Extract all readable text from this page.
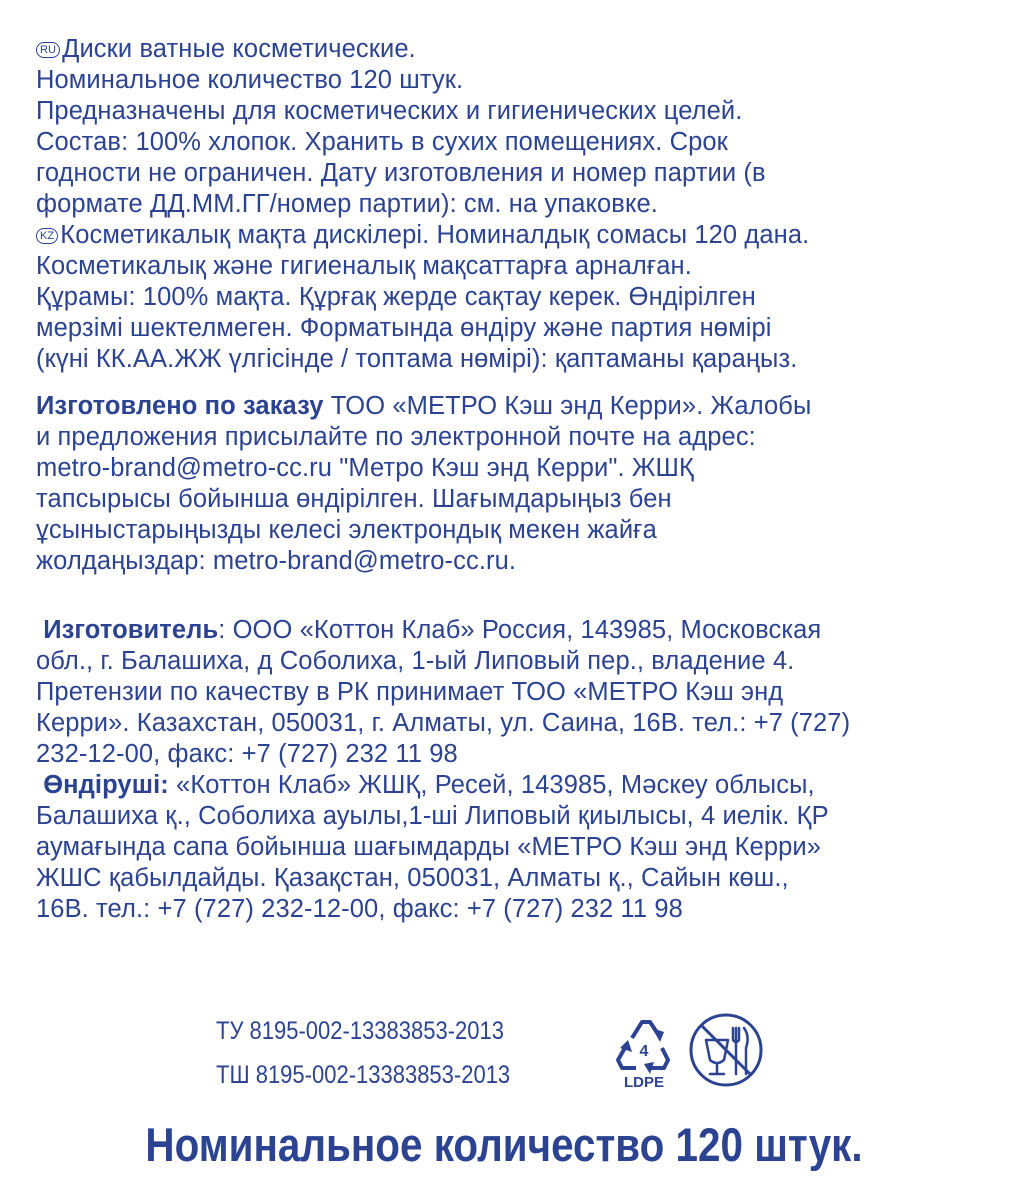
RU Диски ватные косметические.
Номинальное количество 120 штук.
Предназначены для косметических и гигиенических целей.
Состав: 100% хлопок. Хранить в сухих помещениях. Срок
годности не ограничен. Дату изготовления и номер партии (в
формате ДД.ММ.ГГ/номер партии): см. на упаковке.
KZ Косметикалық мақта дискілері. Номиналдық сомасы 120 дана.
Косметикалық және гигиеналық мақсаттарға арналған.
Құрамы: 100% мақта. Құрғақ жерде сақтау керек. Өндірілген
мерзімі шектелмеген. Форматында өндіру және партия нөмірі
(күні КК.АА.ЖЖ үлгісінде / топтама нөмірі): қаптаманы қараңыз.
Изготовлено по заказу ТОО «МЕТРО Кэш энд Керри». Жалобы
и предложения присылайте по электронной почте на адрес:
metro-brand@metro-cc.ru "Метро Кэш энд Керри". ЖШҚ
тапсырысы бойынша өндірілген. Шағымдарыңыз бен
ұсыныстарыңызды келесі электрондық мекен жайға
жолдаңыздар: metro-brand@metro-cc.ru.
Изготовитель: ООО «Коттон Клаб» Россия, 143985, Московская
обл., г. Балашиха, д Соболиха, 1-ый Липовый пер., владение 4.
Претензии по качеству в РК принимает ТОО «МЕТРО Кэш энд
Керри». Казахстан, 050031, г. Алматы, ул. Саина, 16В. тел.: +7 (727)
232-12-00, факс: +7 (727) 232 11 98
Өндіруші: «Коттон Клаб» ЖШҚ, Ресей, 143985, Мәскеу облысы,
Балашиха қ., Соболиха ауылы,1-ші Липовый қиылысы, 4 иелік. ҚР
аумағында сапа бойынша шағымдарды «МЕТРО Кэш энд Керри»
ЖШС қабылдайды. Қазақстан, 050031, Алматы қ., Сайын көш.,
16В. тел.: +7 (727) 232-12-00, факс: +7 (727) 232 11 98
ТУ 8195-002-13383853-2013
ТШ 8195-002-13383853-2013
4
LDPE
Номинальное количество 120 штук.
